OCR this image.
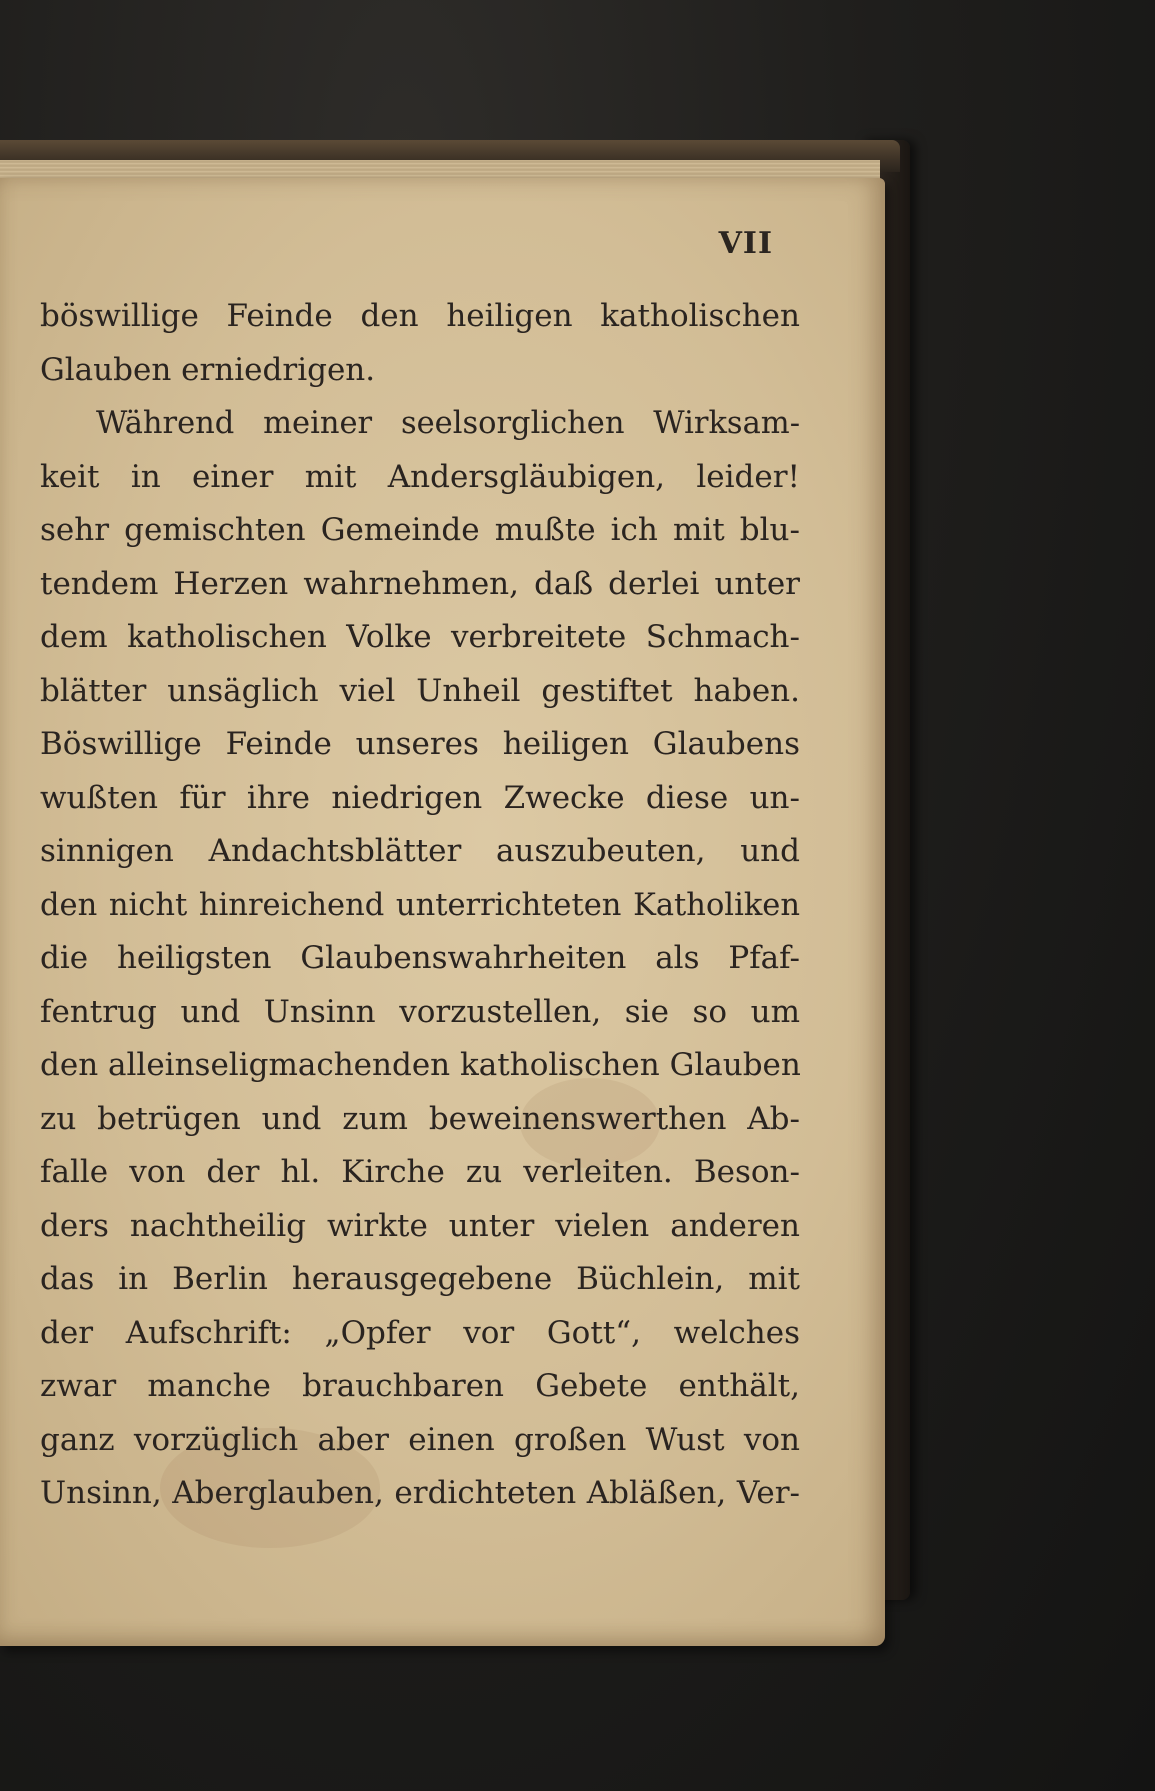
VII
böswillige Feinde den heiligen katholischen
Glauben erniedrigen.
Während meiner seelsorglichen Wirksam-
keit in einer mit Andersgläubigen, leider!
sehr gemischten Gemeinde mußte ich mit blu-
tendem Herzen wahrnehmen, daß derlei unter
dem katholischen Volke verbreitete Schmach-
blätter unsäglich viel Unheil gestiftet haben.
Böswillige Feinde unseres heiligen Glaubens
wußten für ihre niedrigen Zwecke diese un-
sinnigen Andachtsblätter auszubeuten, und
den nicht hinreichend unterrichteten Katholiken
die heiligsten Glaubenswahrheiten als Pfaf-
fentrug und Unsinn vorzustellen, sie so um
den alleinseligmachenden katholischen Glauben
zu betrügen und zum beweinenswerthen Ab-
falle von der hl. Kirche zu verleiten. Beson-
ders nachtheilig wirkte unter vielen anderen
das in Berlin herausgegebene Büchlein, mit
der Aufschrift: „Opfer vor Gott“, welches
zwar manche brauchbaren Gebete enthält,
ganz vorzüglich aber einen großen Wust von
Unsinn, Aberglauben, erdichteten Abläßen, Ver-
